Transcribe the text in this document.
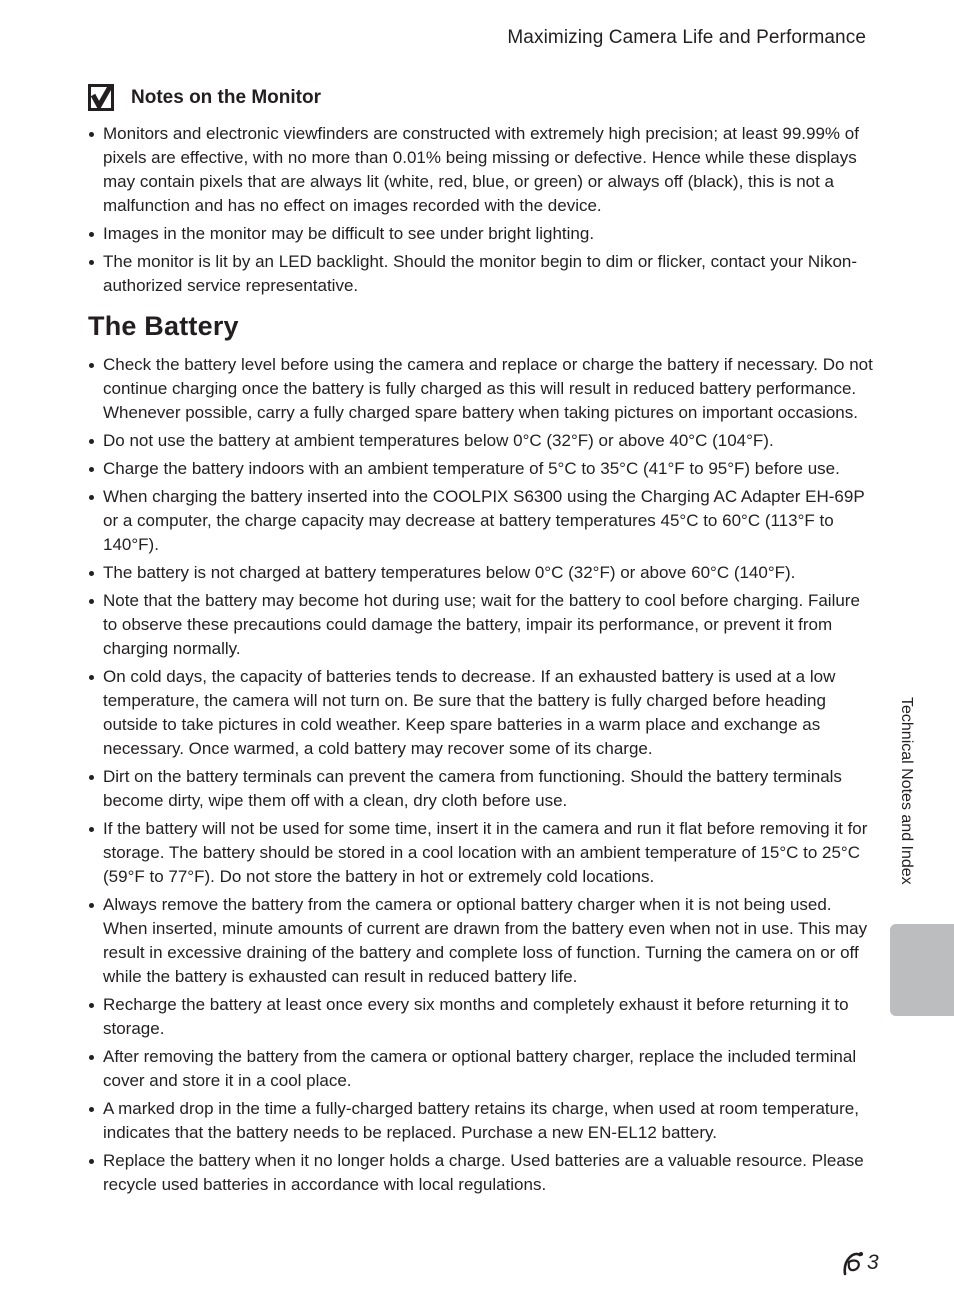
Maximizing Camera Life and Performance
Notes on the Monitor
Monitors and electronic viewfinders are constructed with extremely high precision; at least 99.99% of pixels are effective, with no more than 0.01% being missing or defective. Hence while these displays may contain pixels that are always lit (white, red, blue, or green) or always off (black), this is not a malfunction and has no effect on images recorded with the device.
Images in the monitor may be difficult to see under bright lighting.
The monitor is lit by an LED backlight. Should the monitor begin to dim or flicker, contact your Nikon-authorized service representative.
The Battery
Check the battery level before using the camera and replace or charge the battery if necessary. Do not continue charging once the battery is fully charged as this will result in reduced battery performance. Whenever possible, carry a fully charged spare battery when taking pictures on important occasions.
Do not use the battery at ambient temperatures below 0°C (32°F) or above 40°C (104°F).
Charge the battery indoors with an ambient temperature of 5°C to 35°C (41°F to 95°F) before use.
When charging the battery inserted into the COOLPIX S6300 using the Charging AC Adapter EH-69P or a computer, the charge capacity may decrease at battery temperatures 45°C to 60°C (113°F to 140°F).
The battery is not charged at battery temperatures below 0°C (32°F) or above 60°C (140°F).
Note that the battery may become hot during use; wait for the battery to cool before charging. Failure to observe these precautions could damage the battery, impair its performance, or prevent it from charging normally.
On cold days, the capacity of batteries tends to decrease. If an exhausted battery is used at a low temperature, the camera will not turn on. Be sure that the battery is fully charged before heading outside to take pictures in cold weather. Keep spare batteries in a warm place and exchange as necessary. Once warmed, a cold battery may recover some of its charge.
Dirt on the battery terminals can prevent the camera from functioning. Should the battery terminals become dirty, wipe them off with a clean, dry cloth before use.
If the battery will not be used for some time, insert it in the camera and run it flat before removing it for storage. The battery should be stored in a cool location with an ambient temperature of 15°C to 25°C (59°F to 77°F). Do not store the battery in hot or extremely cold locations.
Always remove the battery from the camera or optional battery charger when it is not being used. When inserted, minute amounts of current are drawn from the battery even when not in use. This may result in excessive draining of the battery and complete loss of function. Turning the camera on or off while the battery is exhausted can result in reduced battery life.
Recharge the battery at least once every six months and completely exhaust it before returning it to storage.
After removing the battery from the camera or optional battery charger, replace the included terminal cover and store it in a cool place.
A marked drop in the time a fully-charged battery retains its charge, when used at room temperature, indicates that the battery needs to be replaced. Purchase a new EN-EL12 battery.
Replace the battery when it no longer holds a charge. Used batteries are a valuable resource. Please recycle used batteries in accordance with local regulations.
Technical Notes and Index
3
